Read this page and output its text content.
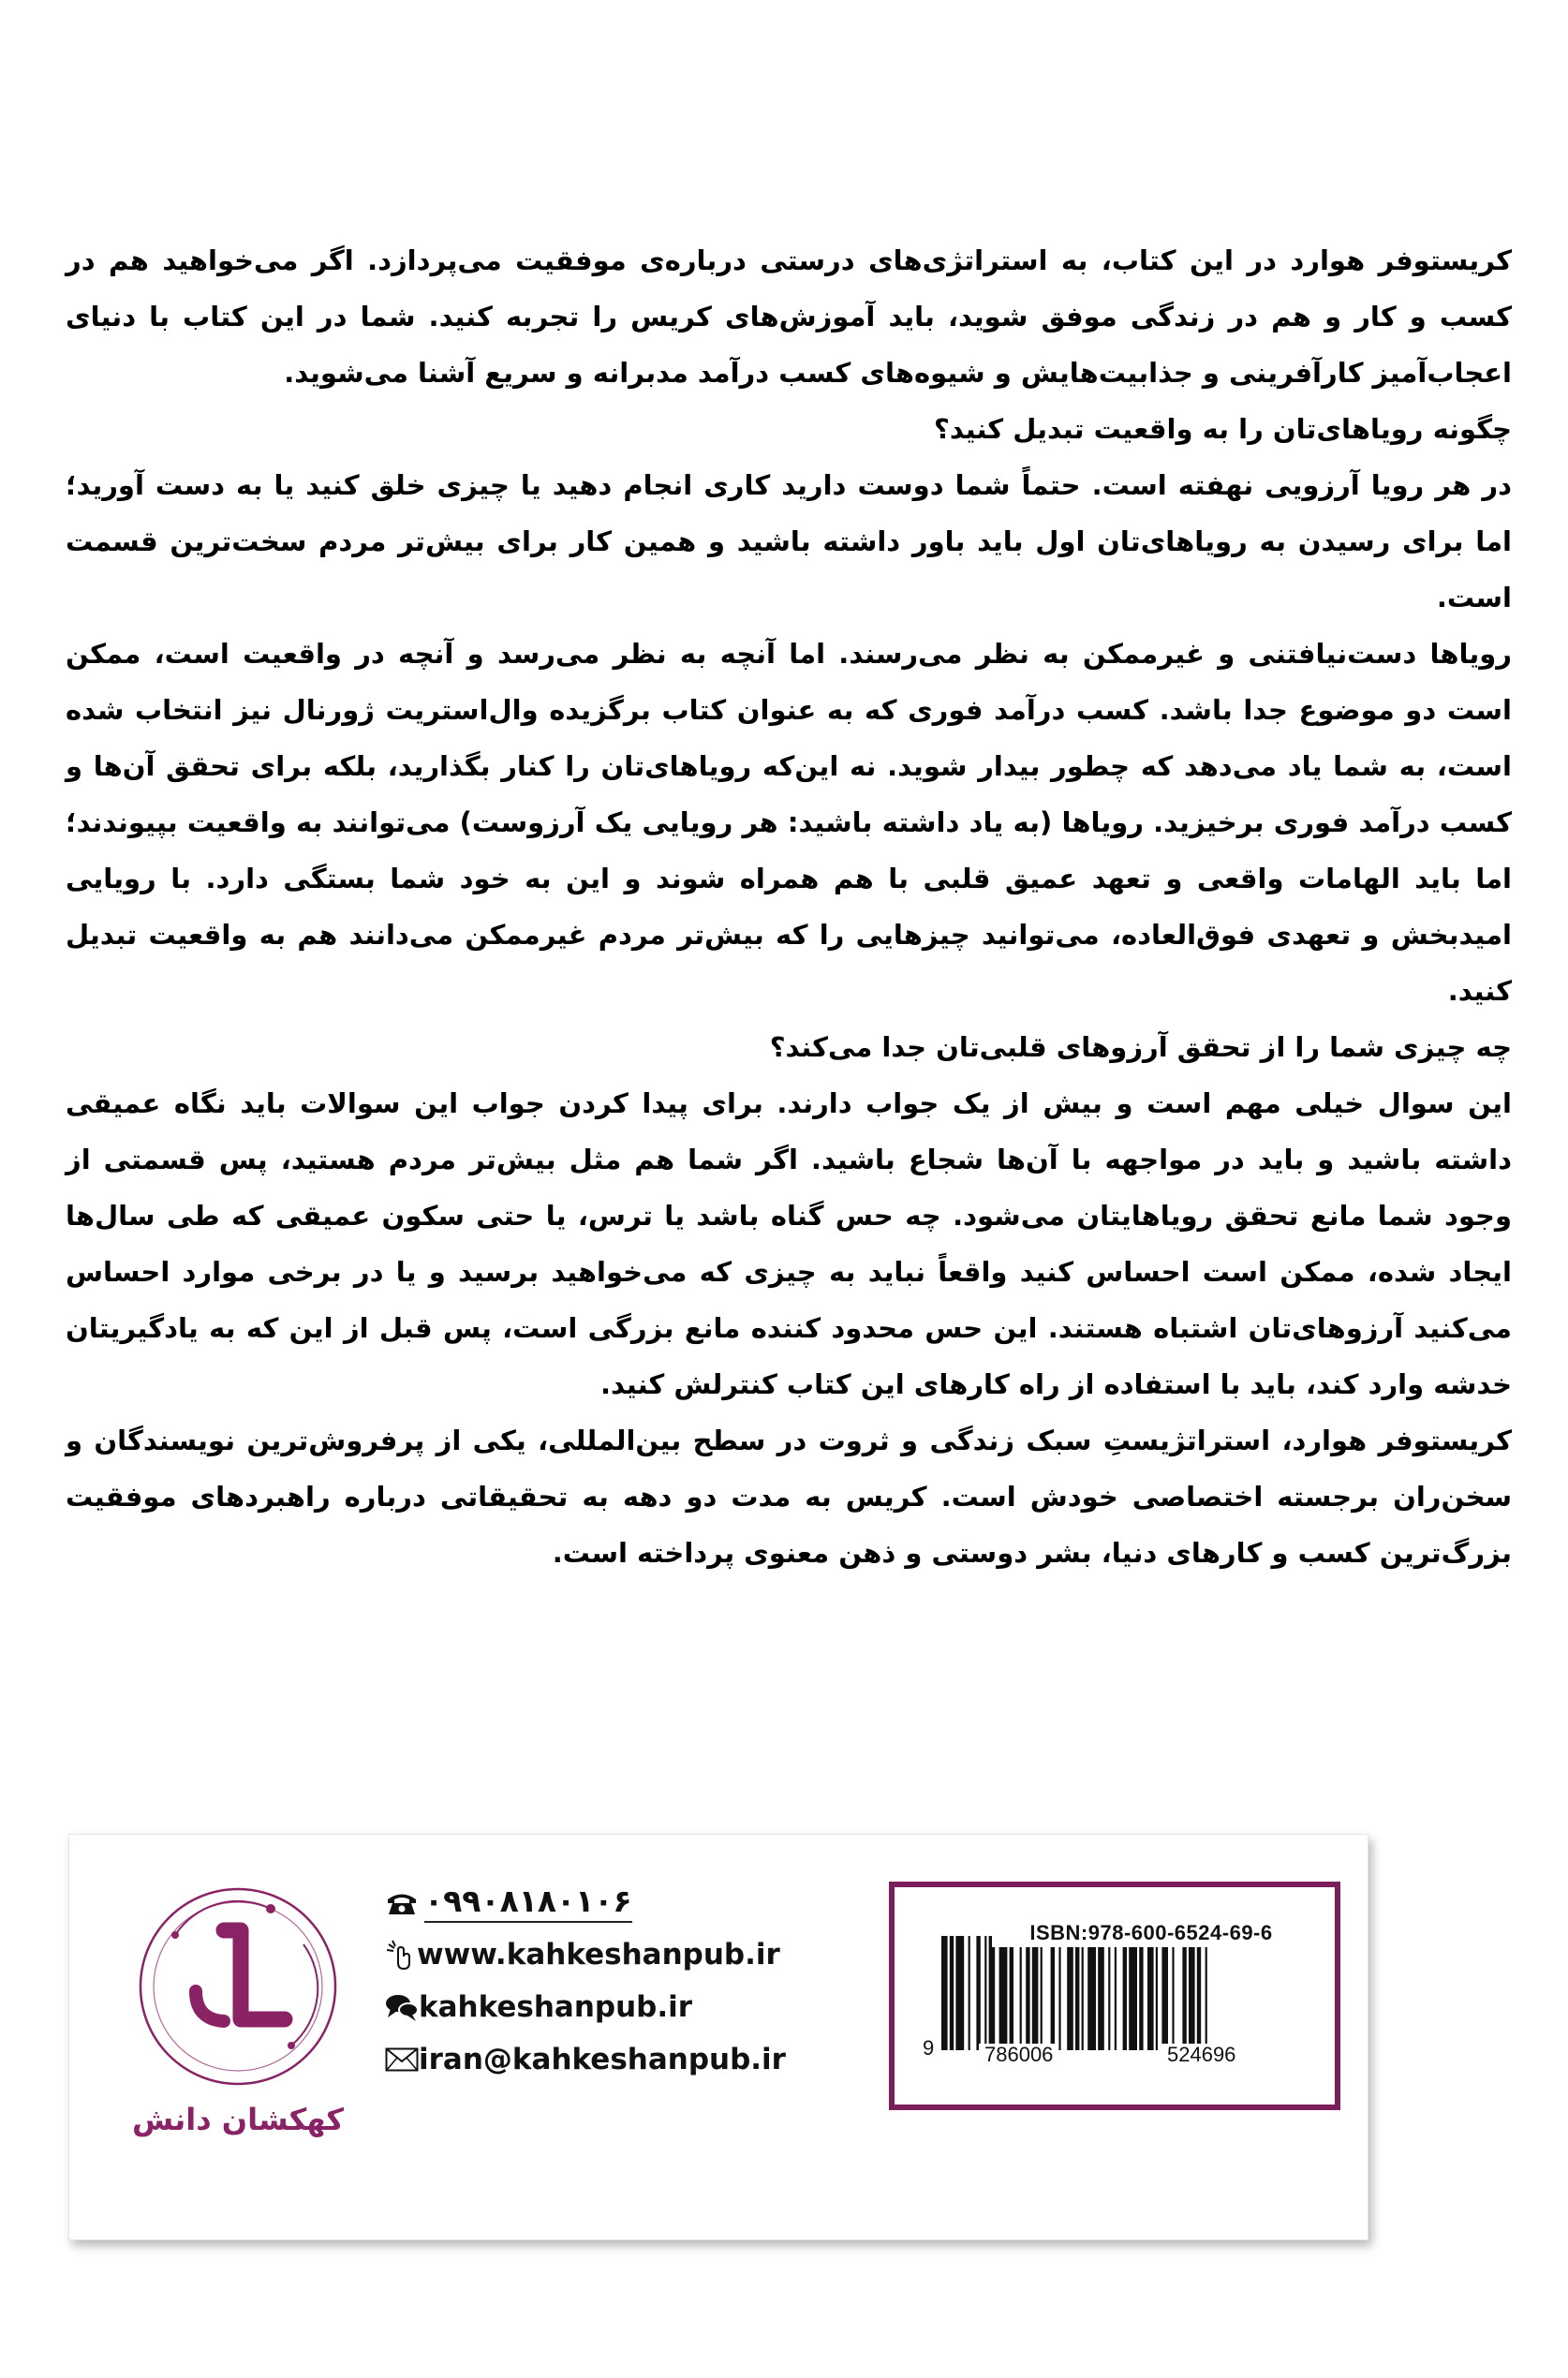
کریستوفر هوارد در این کتاب، به استراتژی‌های درستی درباره‌ی موفقیت می‌پردازد. اگر می‌خواهید هم در کسب و کار و هم در زندگی موفق شوید، باید آموزش‌های کریس را تجربه کنید. شما در این کتاب با دنیای اعجاب‌آمیز کارآفرینی و جذابیت‌هایش و شیوه‌های کسب درآمد مدبرانه و سریع آشنا می‌شوید.

چگونه رویاهای‌تان را به واقعیت تبدیل کنید؟

در هر رویا آرزویی نهفته است. حتماً شما دوست دارید کاری انجام دهید یا چیزی خلق کنید یا به دست آورید؛ اما برای رسیدن به رویاهای‌تان اول باید باور داشته باشید و همین کار برای بیش‌تر مردم سخت‌ترین قسمت است.

رویاها دست‌نیافتنی و غیرممکن به نظر می‌رسند. اما آنچه به نظر می‌رسد و آنچه در واقعیت است، ممکن است دو موضوع جدا باشد. کسب درآمد فوری که به عنوان کتاب برگزیده وال‌استریت ژورنال نیز انتخاب شده است، به شما یاد می‌دهد که چطور بیدار شوید. نه این‌که رویاهای‌تان را کنار بگذارید، بلکه برای تحقق آن‌ها و کسب درآمد فوری برخیزید. رویاها (به یاد داشته باشید: هر رویایی یک آرزوست) می‌توانند به واقعیت بپیوندند؛ اما باید الهامات واقعی و تعهد عمیق قلبی با هم همراه شوند و این به خود شما بستگی دارد. با رویایی امیدبخش و تعهدی فوق‌العاده، می‌توانید چیزهایی را که بیش‌تر مردم غیرممکن می‌دانند هم به واقعیت تبدیل کنید.

چه چیزی شما را از تحقق آرزوهای قلبی‌تان جدا می‌کند؟

این سوال خیلی مهم است و بیش از یک جواب دارند. برای پیدا کردن جواب این سوالات باید نگاه عمیقی داشته باشید و باید در مواجهه با آن‌ها شجاع باشید. اگر شما هم مثل بیش‌تر مردم هستید، پس قسمتی از وجود شما مانع تحقق رویاهایتان می‌شود. چه حس گناه باشد یا ترس، یا حتی سکون عمیقی که طی سال‌ها ایجاد شده، ممکن است احساس کنید واقعاً نباید به چیزی که می‌خواهید برسید و یا در برخی موارد احساس می‌کنید آرزوهای‌تان اشتباه هستند. این حس محدود کننده مانع بزرگی است، پس قبل از این که به یادگیریتان خدشه وارد کند، باید با استفاده از راه کارهای این کتاب کنترلش کنید.

کریستوفر هوارد، استراتژیستِ سبک زندگی و ثروت در سطح بین‌المللی، یکی از پرفروش‌ترین نویسندگان و سخن‌ران برجسته اختصاصی خودش است. کریس به مدت دو دهه به تحقیقاتی درباره راهبردهای موفقیت بزرگ‌ترین کسب و کارهای دنیا، بشر دوستی و ذهن معنوی پرداخته است.

کهکشان دانش
۰۹۹۰۸۱۸۰۱۰۶
www.kahkeshanpub.ir
kahkeshanpub.ir
iran@kahkeshanpub.ir
ISBN:978-600-6524-69-6
9 786006	524696
